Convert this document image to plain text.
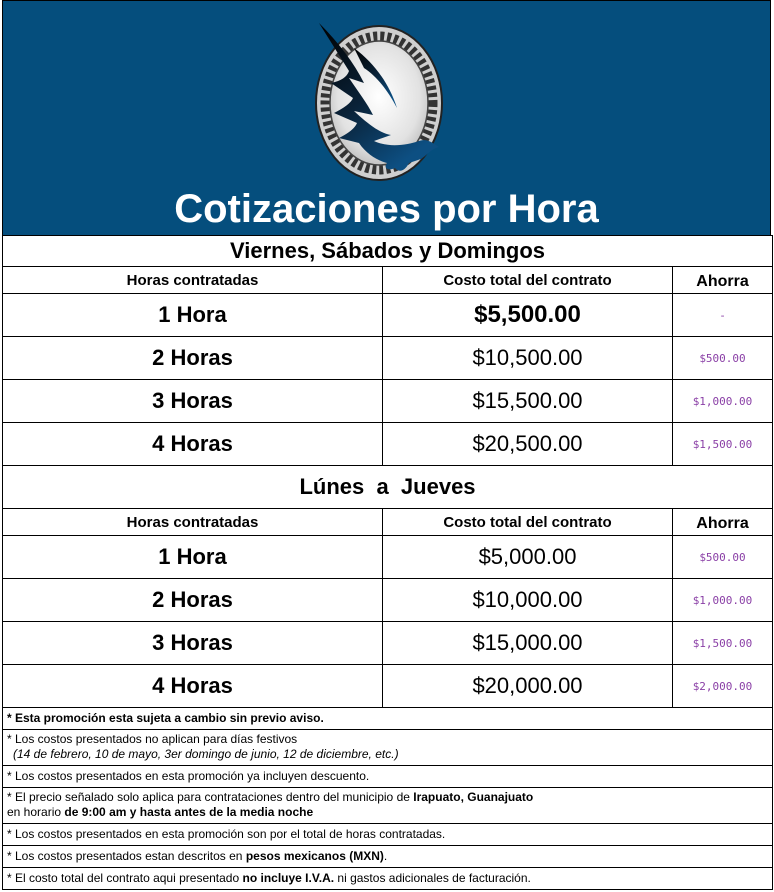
Cotizaciones por Hora
Viernes, Sábados y Domingos		
Horas contratadas	Costo total del contrato	Ahorra
1 Hora	$5,500.00	-
2 Horas	$10,500.00	$500.00
3 Horas	$15,500.00	$1,000.00
4 Horas	$20,500.00	$1,500.00
Lúnes  a  Jueves		
Horas contratadas	Costo total del contrato	Ahorra
1 Hora	$5,000.00	$500.00
2 Horas	$10,000.00	$1,000.00
3 Horas	$15,000.00	$1,500.00
4 Horas	$20,000.00	$2,000.00
* Esta promoción esta sujeta a cambio sin previo aviso.		
* Los costos presentados no aplican para días festivos
(14 de febrero, 10 de mayo, 3er domingo de junio, 12 de diciembre, etc.)		

* Los costos presentados en esta promoción ya incluyen descuento.		
* El precio señalado solo aplica para contrataciones dentro del municipio de Irapuato, Guanajuato
en horario de 9:00 am y hasta antes de la media noche		
* Los costos presentados en esta promoción son por el total de horas contratadas.		
* Los costos presentados estan descritos en pesos mexicanos (MXN).		
* El costo total del contrato aqui presentado no incluye I.V.A. ni gastos adicionales de facturación.		
